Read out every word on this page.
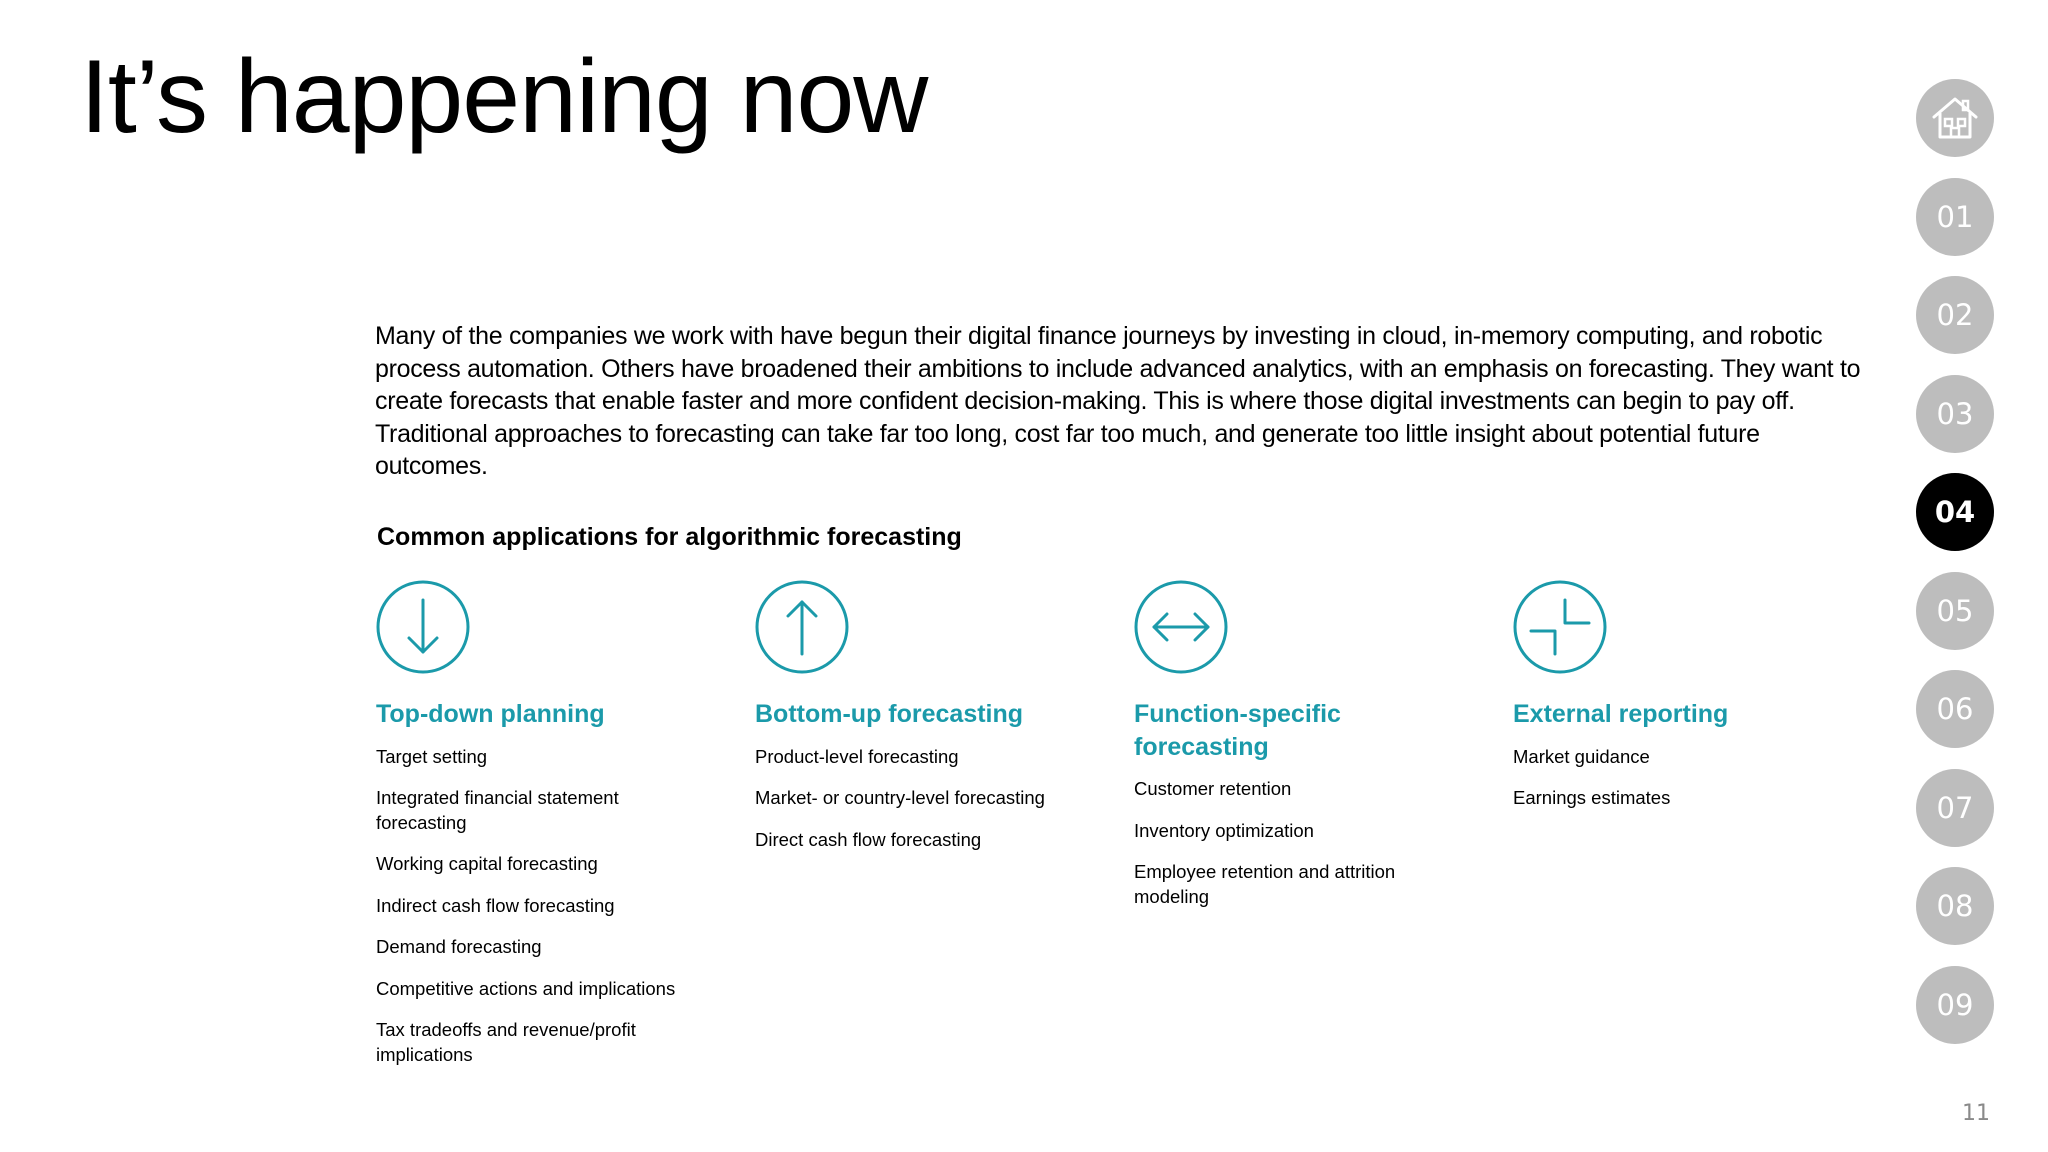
It’s happening now

Many of the companies we work with have begun their digital finance journeys by investing in cloud, in-memory computing, and robotic process automation. Others have broadened their ambitions to include advanced analytics, with an emphasis on forecasting. They want to create forecasts that enable faster and more confident decision-making. This is where those digital investments can begin to pay off. Traditional approaches to forecasting can take far too long, cost far too much, and generate too little insight about potential future outcomes.

Common applications for algorithmic forecasting
Top-down planning
Target setting
Integrated financial statement forecasting
Working capital forecasting
Indirect cash flow forecasting
Demand forecasting
Competitive actions and implications
Tax tradeoffs and revenue/profit implications
Bottom-up forecasting
Product-level forecasting
Market- or country-level forecasting
Direct cash flow forecasting
Function-specific forecasting
Customer retention
Inventory optimization
Employee retention and attrition modeling
External reporting
Market guidance
Earnings estimates
01
02
03
04
05
06
07
08
09
11
